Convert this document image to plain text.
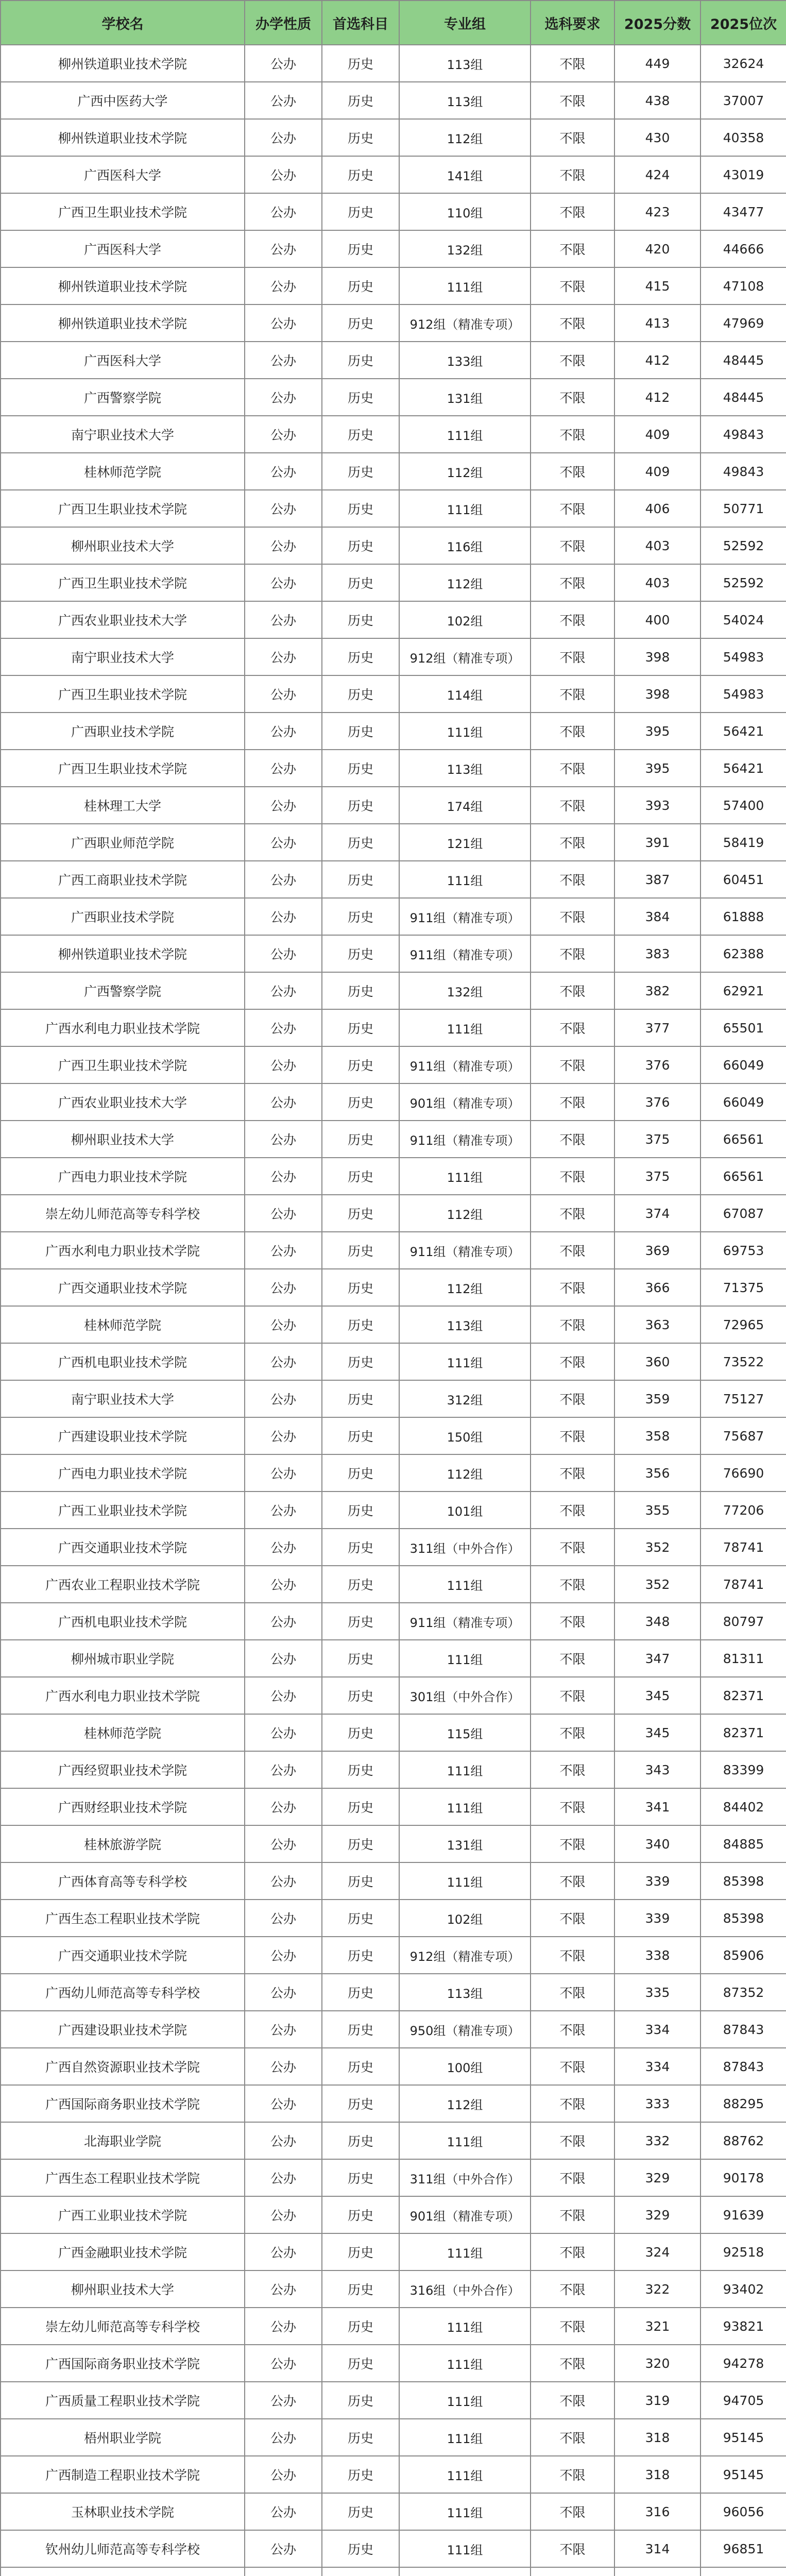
学校名	办学性质	首选科目	专业组	选科要求	2025分数	2025位次
柳州铁道职业技术学院	公办	历史	113组	不限	449	32624
广西中医药大学	公办	历史	113组	不限	438	37007
柳州铁道职业技术学院	公办	历史	112组	不限	430	40358
广西医科大学	公办	历史	141组	不限	424	43019
广西卫生职业技术学院	公办	历史	110组	不限	423	43477
广西医科大学	公办	历史	132组	不限	420	44666
柳州铁道职业技术学院	公办	历史	111组	不限	415	47108
柳州铁道职业技术学院	公办	历史	912组（精准专项）	不限	413	47969
广西医科大学	公办	历史	133组	不限	412	48445
广西警察学院	公办	历史	131组	不限	412	48445
南宁职业技术大学	公办	历史	111组	不限	409	49843
桂林师范学院	公办	历史	112组	不限	409	49843
广西卫生职业技术学院	公办	历史	111组	不限	406	50771
柳州职业技术大学	公办	历史	116组	不限	403	52592
广西卫生职业技术学院	公办	历史	112组	不限	403	52592
广西农业职业技术大学	公办	历史	102组	不限	400	54024
南宁职业技术大学	公办	历史	912组（精准专项）	不限	398	54983
广西卫生职业技术学院	公办	历史	114组	不限	398	54983
广西职业技术学院	公办	历史	111组	不限	395	56421
广西卫生职业技术学院	公办	历史	113组	不限	395	56421
桂林理工大学	公办	历史	174组	不限	393	57400
广西职业师范学院	公办	历史	121组	不限	391	58419
广西工商职业技术学院	公办	历史	111组	不限	387	60451
广西职业技术学院	公办	历史	911组（精准专项）	不限	384	61888
柳州铁道职业技术学院	公办	历史	911组（精准专项）	不限	383	62388
广西警察学院	公办	历史	132组	不限	382	62921
广西水利电力职业技术学院	公办	历史	111组	不限	377	65501
广西卫生职业技术学院	公办	历史	911组（精准专项）	不限	376	66049
广西农业职业技术大学	公办	历史	901组（精准专项）	不限	376	66049
柳州职业技术大学	公办	历史	911组（精准专项）	不限	375	66561
广西电力职业技术学院	公办	历史	111组	不限	375	66561
崇左幼儿师范高等专科学校	公办	历史	112组	不限	374	67087
广西水利电力职业技术学院	公办	历史	911组（精准专项）	不限	369	69753
广西交通职业技术学院	公办	历史	112组	不限	366	71375
桂林师范学院	公办	历史	113组	不限	363	72965
广西机电职业技术学院	公办	历史	111组	不限	360	73522
南宁职业技术大学	公办	历史	312组	不限	359	75127
广西建设职业技术学院	公办	历史	150组	不限	358	75687
广西电力职业技术学院	公办	历史	112组	不限	356	76690
广西工业职业技术学院	公办	历史	101组	不限	355	77206
广西交通职业技术学院	公办	历史	311组（中外合作）	不限	352	78741
广西农业工程职业技术学院	公办	历史	111组	不限	352	78741
广西机电职业技术学院	公办	历史	911组（精准专项）	不限	348	80797
柳州城市职业学院	公办	历史	111组	不限	347	81311
广西水利电力职业技术学院	公办	历史	301组（中外合作）	不限	345	82371
桂林师范学院	公办	历史	115组	不限	345	82371
广西经贸职业技术学院	公办	历史	111组	不限	343	83399
广西财经职业技术学院	公办	历史	111组	不限	341	84402
桂林旅游学院	公办	历史	131组	不限	340	84885
广西体育高等专科学校	公办	历史	111组	不限	339	85398
广西生态工程职业技术学院	公办	历史	102组	不限	339	85398
广西交通职业技术学院	公办	历史	912组（精准专项）	不限	338	85906
广西幼儿师范高等专科学校	公办	历史	113组	不限	335	87352
广西建设职业技术学院	公办	历史	950组（精准专项）	不限	334	87843
广西自然资源职业技术学院	公办	历史	100组	不限	334	87843
广西国际商务职业技术学院	公办	历史	112组	不限	333	88295
北海职业学院	公办	历史	111组	不限	332	88762
广西生态工程职业技术学院	公办	历史	311组（中外合作）	不限	329	90178
广西工业职业技术学院	公办	历史	901组（精准专项）	不限	329	91639
广西金融职业技术学院	公办	历史	111组	不限	324	92518
柳州职业技术大学	公办	历史	316组（中外合作）	不限	322	93402
崇左幼儿师范高等专科学校	公办	历史	111组	不限	321	93821
广西国际商务职业技术学院	公办	历史	111组	不限	320	94278
广西质量工程职业技术学院	公办	历史	111组	不限	319	94705
梧州职业学院	公办	历史	111组	不限	318	95145
广西制造工程职业技术学院	公办	历史	111组	不限	318	95145
玉林职业技术学院	公办	历史	111组	不限	316	96056
钦州幼儿师范高等专科学校	公办	历史	111组	不限	314	96851
